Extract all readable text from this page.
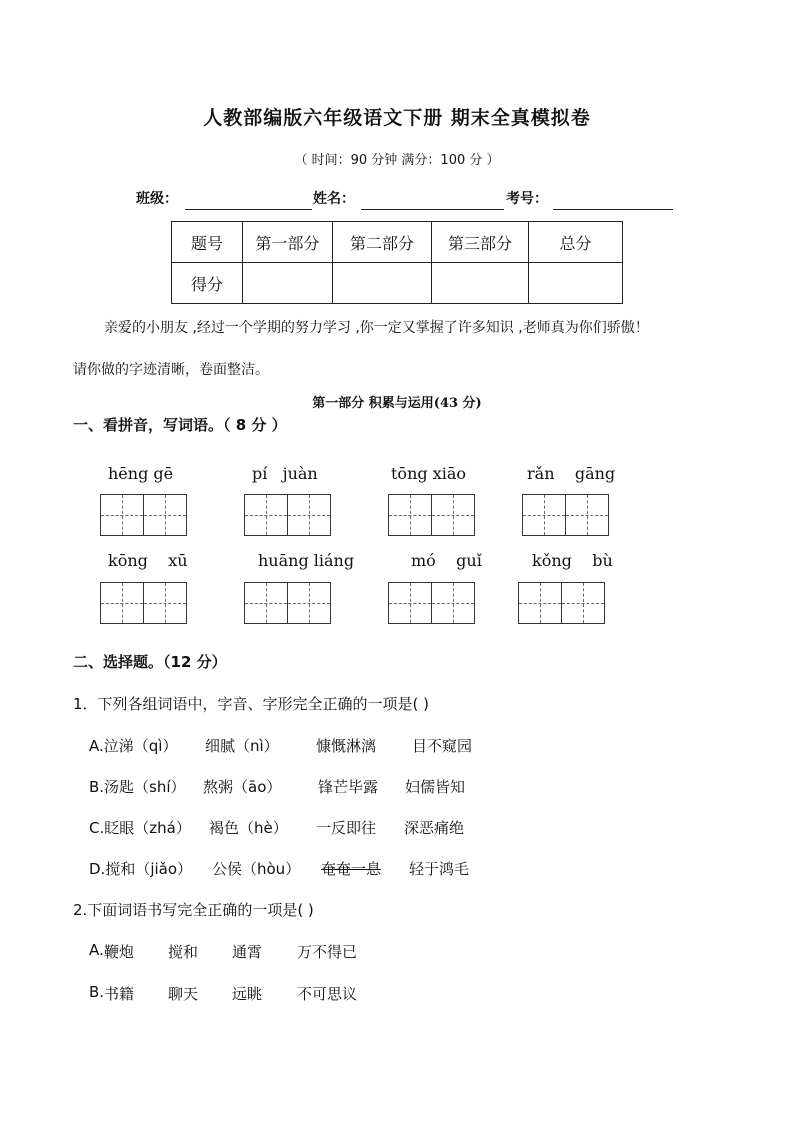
人教部编版六年级语文下册 期末全真模拟卷
（ 时间：90 分钟 满分：100 分 ）
班级：	姓名：	考号：
题号	第一部分	第二部分	第三部分	总分
得分				
亲爱的小朋友 ,经过一个学期的努力学习 ,你一定又掌握了许多知识 ,老师真为你们骄傲！
请你做的字迹清晰，卷面整洁。
第一部分 积累与运用(43 分)
一、看拼音，写词语。（ 8 分 ）
hēng gē	pí   juàn	tōng xiāo	rǎn    gāng
kōng    xū	huāng liáng	mó    guǐ	kǒng    bù
二、选择题。（12 分）
1．下列各组词语中，字音、字形完全正确的一项是( )
A.泣涕（qì） 细腻（nì） 慷慨淋漓 目不窥园
B.汤匙（shí） 熬粥（āo） 锋芒毕露 妇儒皆知
C.眨眼（zhá） 褐色（hè） 一反即往 深恶痛绝
D.搅和（jiǎo） 公侯（hòu） 奄奄一息 轻于鸿毛
2.下面词语书写完全正确的一项是( )
A. 鞭炮 搅和 通霄 万不得已
B. 书籍 聊天 远眺 不可思议
